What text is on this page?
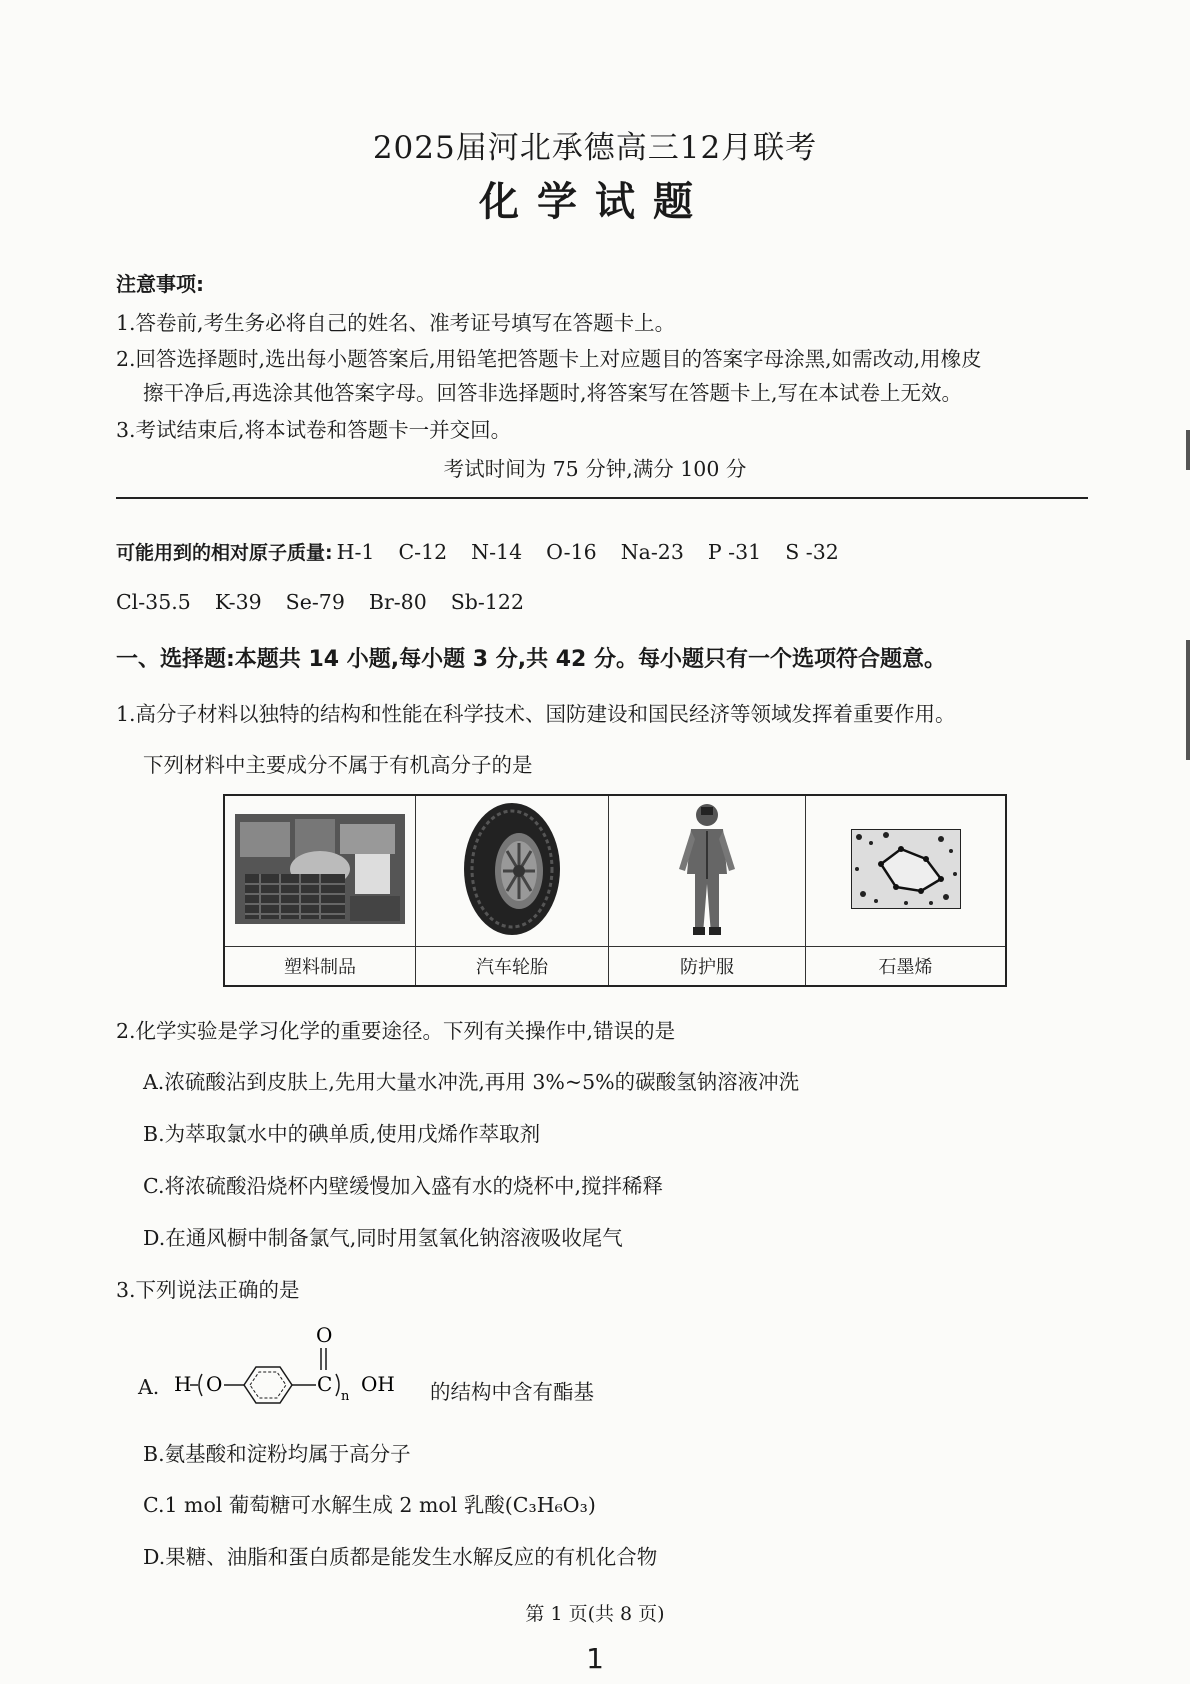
2025届河北承德高三12月联考
化学试题
注意事项:
1.答卷前,考生务必将自己的姓名、准考证号填写在答题卡上。
2.回答选择题时,选出每小题答案后,用铅笔把答题卡上对应题目的答案字母涂黑,如需改动,用橡皮
擦干净后,再选涂其他答案字母。回答非选择题时,将答案写在答题卡上,写在本试卷上无效。
3.考试结束后,将本试卷和答题卡一并交回。
考试时间为 75 分钟,满分 100 分
可能用到的相对原子质量: H-1 C-12 N-14 O-16 Na-23 P -31 S -32
Cl-35.5 K-39 Se-79 Br-80 Sb-122
一、选择题:本题共 14 小题,每小题 3 分,共 42 分。每小题只有一个选项符合题意。
1.高分子材料以独特的结构和性能在科学技术、国防建设和国民经济等领域发挥着重要作用。
下列材料中主要成分不属于有机高分子的是

塑料制品	汽车轮胎	防护服	石墨烯
2.化学实验是学习化学的重要途径。下列有关操作中,错误的是
A.浓硫酸沾到皮肤上,先用大量水冲洗,再用 3%~5%的碳酸氢钠溶液冲洗
B.为萃取氯水中的碘单质,使用戊烯作萃取剂
C.将浓硫酸沿烧杯内壁缓慢加入盛有水的烧杯中,搅拌稀释
D.在通风橱中制备氯气,同时用氢氧化钠溶液吸收尾气
3.下列说法正确的是
A. H O	C
O
n
OH 的结构中含有酯基
B.氨基酸和淀粉均属于高分子
C.1 mol 葡萄糖可水解生成 2 mol 乳酸(C₃H₆O₃)
D.果糖、油脂和蛋白质都是能发生水解反应的有机化合物
第 1 页(共 8 页)
1
